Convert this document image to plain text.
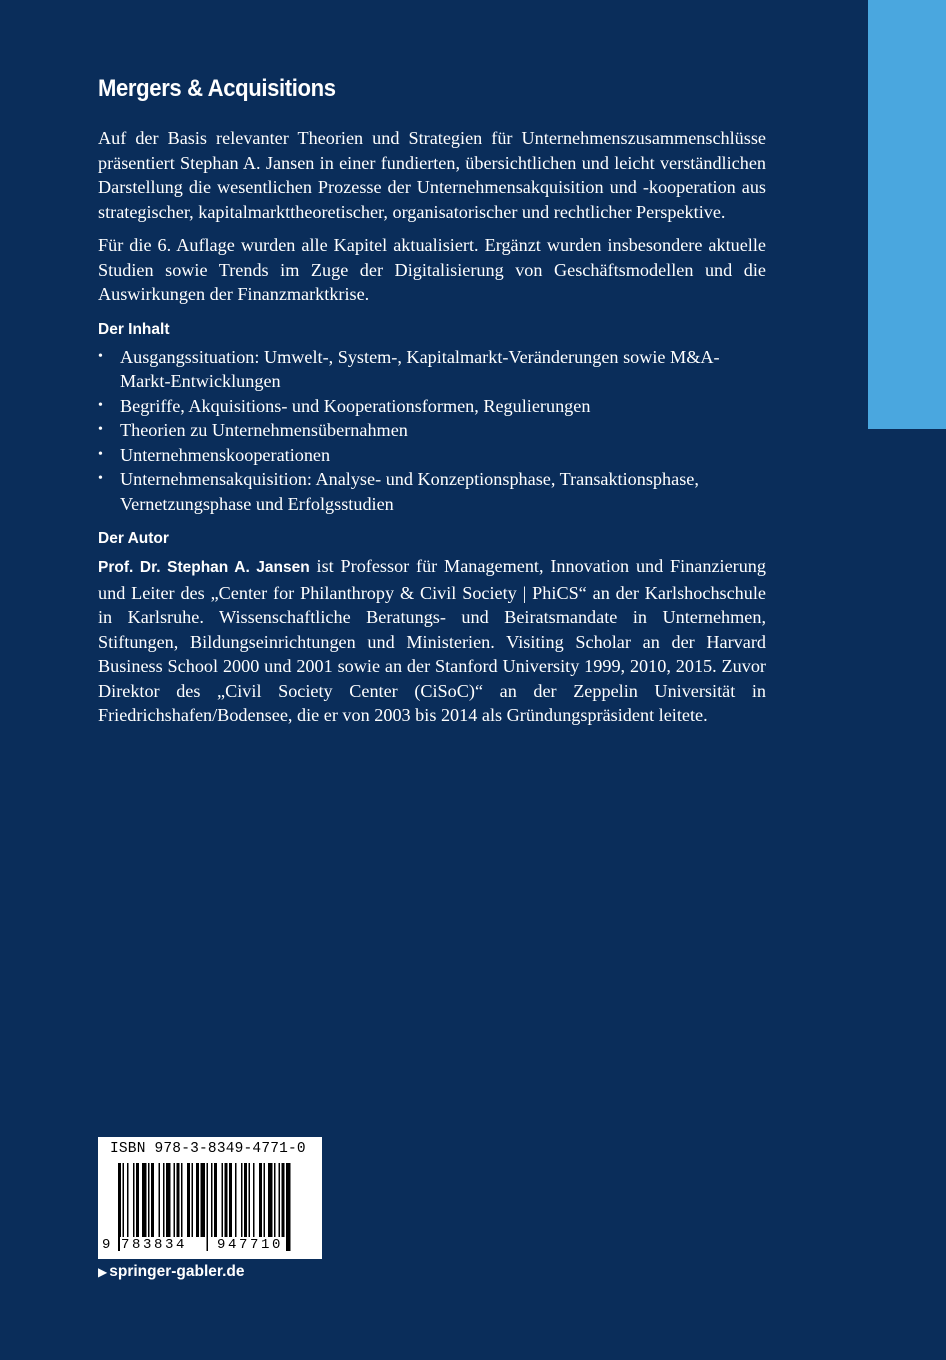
Mergers & Acquisitions

Auf der Basis relevanter Theorien und Strategien für Unternehmenszusammenschlüsse präsentiert Stephan A. Jansen in einer fundierten, übersichtlichen und leicht verständlichen Darstellung die wesentlichen Prozesse der Unternehmensakquisition und -kooperation aus strategischer, kapitalmarkttheoretischer, organisatorischer und rechtlicher Perspektive.

Für die 6. Auflage wurden alle Kapitel aktualisiert. Ergänzt wurden insbesondere aktuelle Studien sowie Trends im Zuge der Digitalisierung von Geschäftsmodellen und die Auswirkungen der Finanzmarktkrise.

Der Inhalt
• Ausgangssituation: Umwelt-, System-, Kapitalmarkt-Veränderungen sowie M&A-Markt-Entwicklungen
• Begriffe, Akquisitions- und Kooperationsformen, Regulierungen
• Theorien zu Unternehmensübernahmen
• Unternehmenskooperationen
• Unternehmensakquisition: Analyse- und Konzeptionsphase, Transaktionsphase, Vernetzungsphase und Erfolgsstudien
Der Autor

Prof. Dr. Stephan A. Jansen ist Professor für Management, Innovation und Finanzierung und Leiter des „Center for Philanthropy & Civil Society | PhiCS“ an der Karlshochschule in Karlsruhe. Wissenschaftliche Beratungs- und Beiratsmandate in Unternehmen, Stiftungen, Bildungseinrichtungen und Ministerien. Visiting Scholar an der Harvard Business School 2000 und 2001 sowie an der Stanford University 1999, 2010, 2015. Zuvor Direktor des „Civil Society Center (CiSoC)“ an der Zeppelin Universität in Friedrichshafen/Bodensee, die er von 2003 bis 2014 als Gründungspräsident leitete.

ISBN 978-3-8349-4771-0
9 783834 947710
▶ springer-gabler.de
